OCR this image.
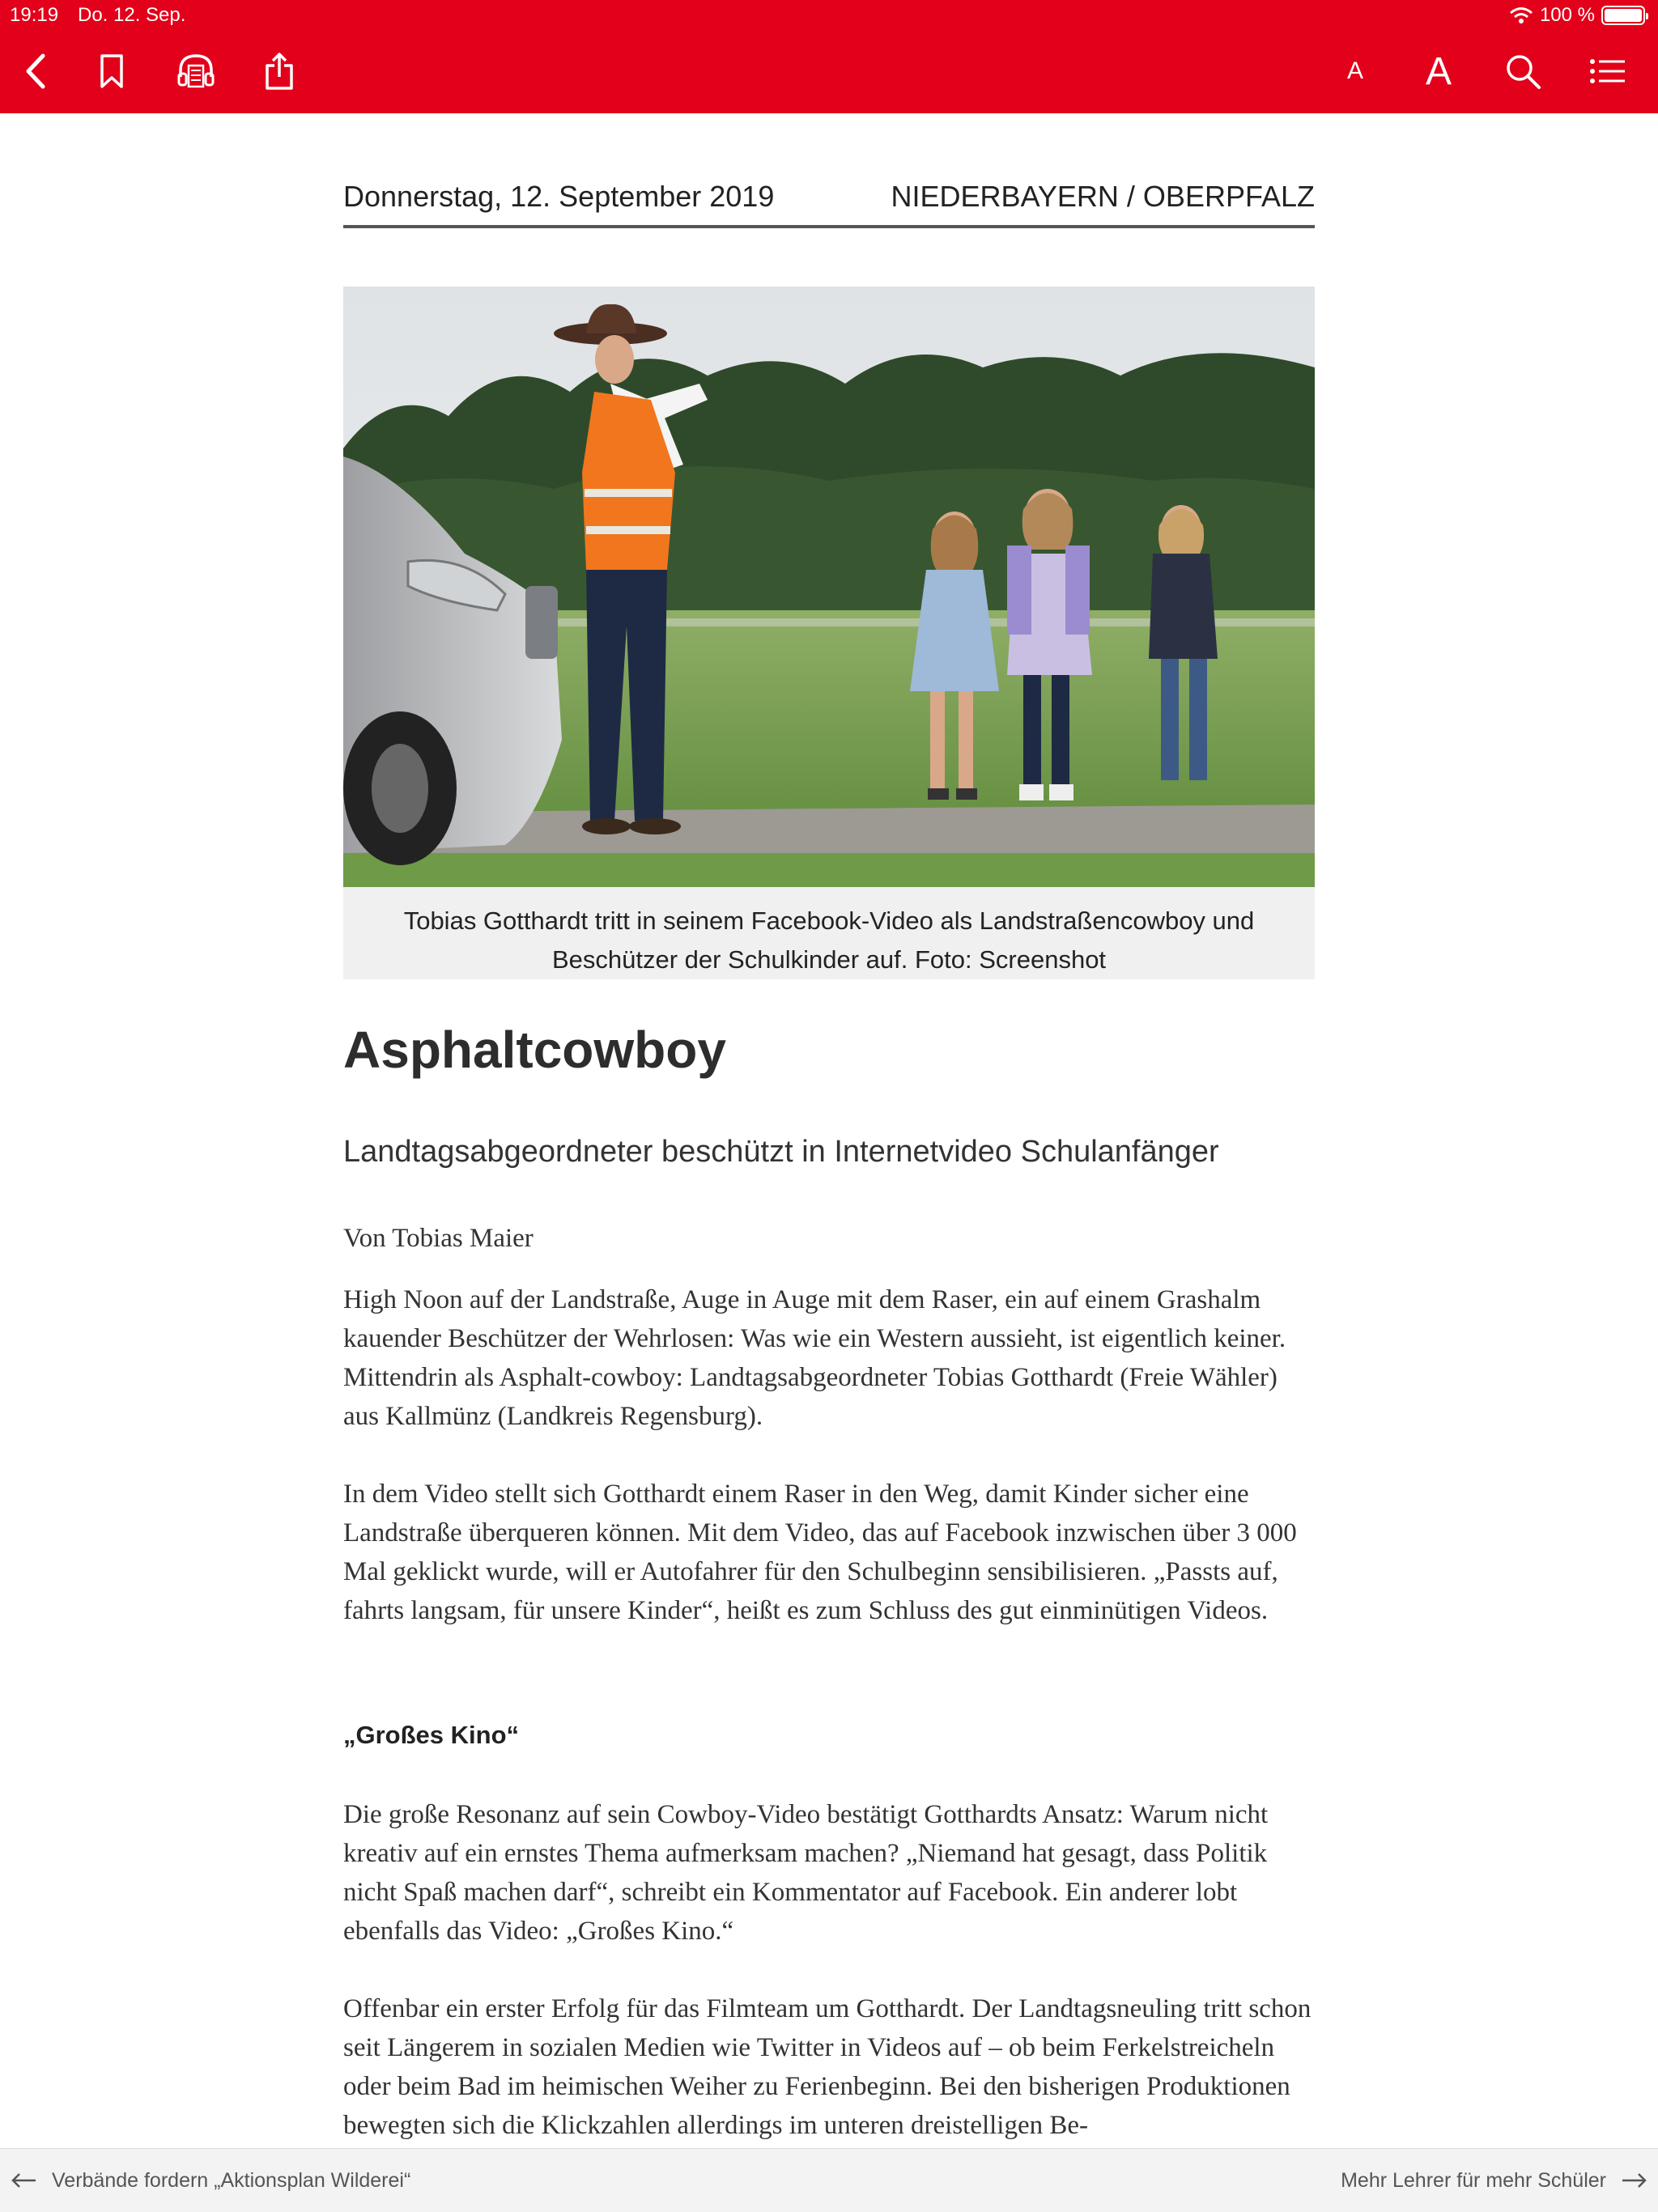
19:19 Do. 12. Sep.	100 %
A A
Donnerstag, 12. September 2019	NIEDERBAYERN / OBERPFALZ
Tobias Gotthardt tritt in seinem Facebook-Video als Landstraßencowboy und Beschützer der Schulkinder auf. Foto: Screenshot
Asphaltcowboy
Landtagsabgeordneter beschützt in Internetvideo Schulanfänger
Von Tobias Maier

High Noon auf der Landstraße, Auge in Auge mit dem Raser, ein auf einem Grashalm kauender Beschützer der Wehrlosen: Was wie ein Western aussieht, ist eigentlich keiner. Mittendrin als Asphalt-cowboy: Landtagsabgeordneter Tobias Gotthardt (Freie Wähler) aus Kallmünz (Landkreis Regensburg).

In dem Video stellt sich Gotthardt einem Raser in den Weg, damit Kinder sicher eine Landstraße überqueren können. Mit dem Video, das auf Facebook inzwischen über 3 000 Mal geklickt wurde, will er Autofahrer für den Schulbeginn sensibilisieren. „Passts auf, fahrts langsam, für unsere Kinder“, heißt es zum Schluss des gut einminütigen Videos.

„Großes Kino“

Die große Resonanz auf sein Cowboy-Video bestätigt Gotthardts Ansatz: Warum nicht kreativ auf ein ernstes Thema aufmerksam machen? „Niemand hat gesagt, dass Politik nicht Spaß machen darf“, schreibt ein Kommentator auf Facebook. Ein anderer lobt ebenfalls das Video: „Großes Kino.“

Offenbar ein erster Erfolg für das Filmteam um Gotthardt. Der Landtagsneuling tritt schon seit Längerem in sozialen Medien wie Twitter in Videos auf – ob beim Ferkelstreicheln oder beim Bad im heimischen Weiher zu Ferienbeginn. Bei den bisherigen Produktionen bewegten sich die Klickzahlen allerdings im unteren dreistelligen Be-

Verbände fordern „Aktionsplan Wilderei“	Mehr Lehrer für mehr Schüler
